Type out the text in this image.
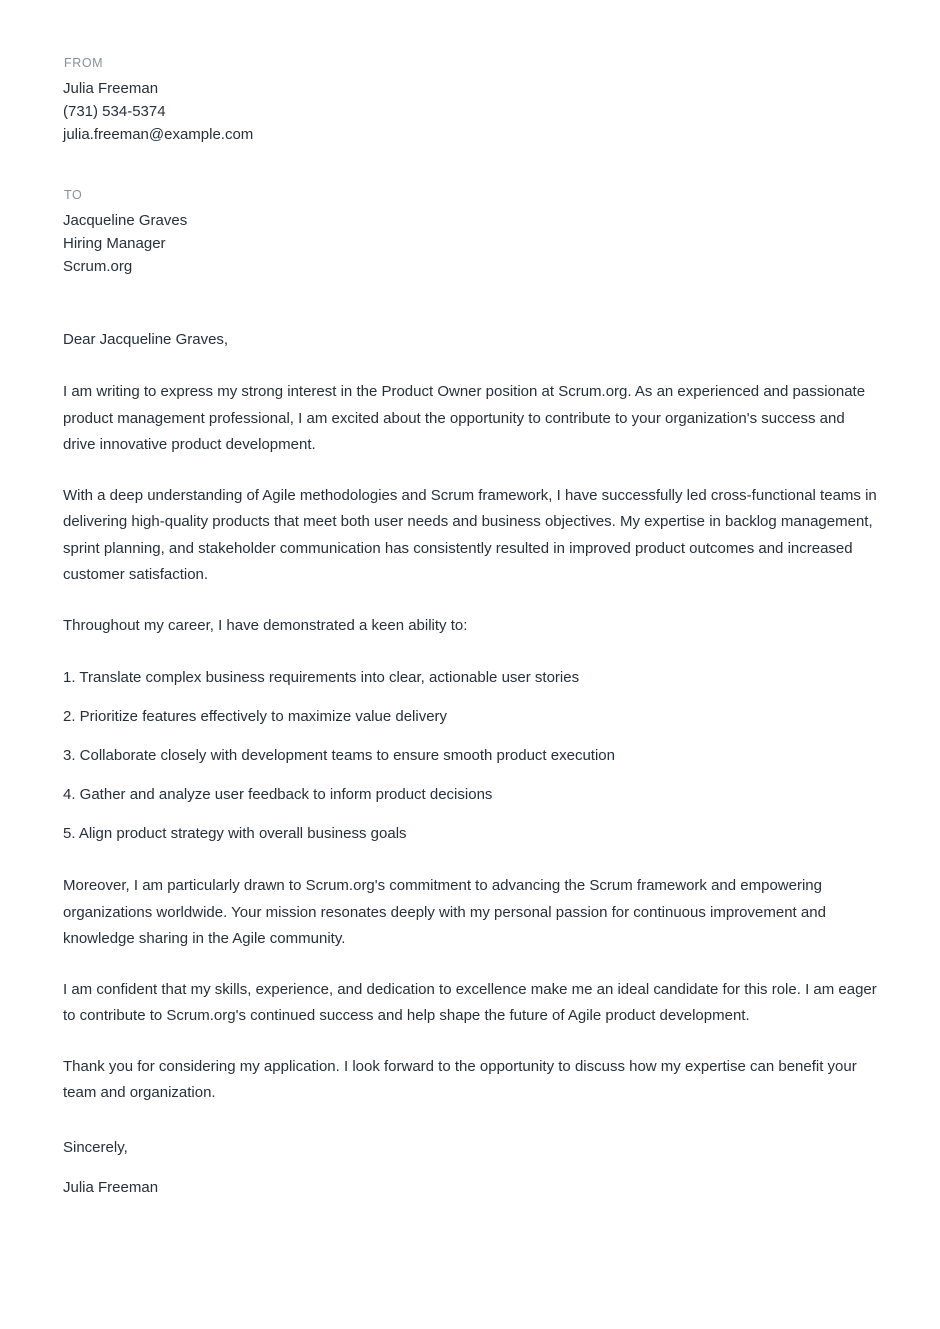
FROM
Julia Freeman
(731) 534-5374
julia.freeman@example.com
TO
Jacqueline Graves
Hiring Manager
Scrum.org
Dear Jacqueline Graves,

I am writing to express my strong interest in the Product Owner position at Scrum.org. As an experienced and passionate product management professional, I am excited about the opportunity to contribute to your organization's success and drive innovative product development.

With a deep understanding of Agile methodologies and Scrum framework, I have successfully led cross-functional teams in delivering high-quality products that meet both user needs and business objectives. My expertise in backlog management, sprint planning, and stakeholder communication has consistently resulted in improved product outcomes and increased customer satisfaction.

Throughout my career, I have demonstrated a keen ability to:
1. Translate complex business requirements into clear, actionable user stories
2. Prioritize features effectively to maximize value delivery
3. Collaborate closely with development teams to ensure smooth product execution
4. Gather and analyze user feedback to inform product decisions
5. Align product strategy with overall business goals

Moreover, I am particularly drawn to Scrum.org's commitment to advancing the Scrum framework and empowering organizations worldwide. Your mission resonates deeply with my personal passion for continuous improvement and knowledge sharing in the Agile community.

I am confident that my skills, experience, and dedication to excellence make me an ideal candidate for this role. I am eager to contribute to Scrum.org's continued success and help shape the future of Agile product development.

Thank you for considering my application. I look forward to the opportunity to discuss how my expertise can benefit your team and organization.

Sincerely,
Julia Freeman
